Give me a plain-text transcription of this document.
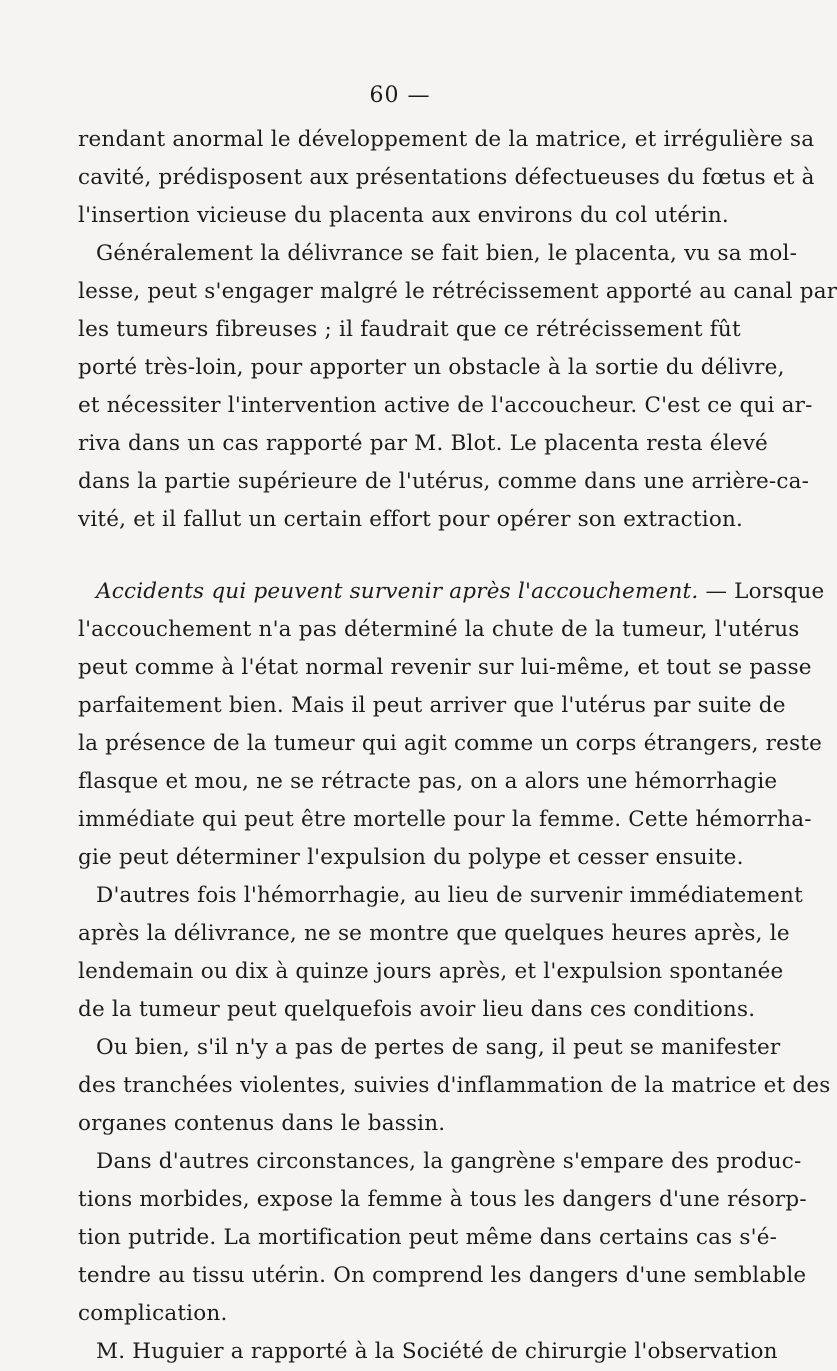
60 —
rendant anormal le développement de la matrice, et irrégulière sa
cavité, prédisposent aux présentations défectueuses du fœtus et à
l'insertion vicieuse du placenta aux environs du col utérin.
Généralement la délivrance se fait bien, le placenta, vu sa mol-
lesse, peut s'engager malgré le rétrécissement apporté au canal par
les tumeurs fibreuses ; il faudrait que ce rétrécissement fût
porté très-loin, pour apporter un obstacle à la sortie du délivre,
et nécessiter l'intervention active de l'accoucheur. C'est ce qui ar-
riva dans un cas rapporté par M. Blot. Le placenta resta élevé
dans la partie supérieure de l'utérus, comme dans une arrière-ca-
vité, et il fallut un certain effort pour opérer son extraction.
Accidents qui peuvent survenir après l'accouchement. — Lorsque
l'accouchement n'a pas déterminé la chute de la tumeur, l'utérus
peut comme à l'état normal revenir sur lui-même, et tout se passe
parfaitement bien. Mais il peut arriver que l'utérus par suite de
la présence de la tumeur qui agit comme un corps étrangers, reste
flasque et mou, ne se rétracte pas, on a alors une hémorrhagie
immédiate qui peut être mortelle pour la femme. Cette hémorrha-
gie peut déterminer l'expulsion du polype et cesser ensuite.
D'autres fois l'hémorrhagie, au lieu de survenir immédiatement
après la délivrance, ne se montre que quelques heures après, le
lendemain ou dix à quinze jours après, et l'expulsion spontanée
de la tumeur peut quelquefois avoir lieu dans ces conditions.
Ou bien, s'il n'y a pas de pertes de sang, il peut se manifester
des tranchées violentes, suivies d'inflammation de la matrice et des
organes contenus dans le bassin.
Dans d'autres circonstances, la gangrène s'empare des produc-
tions morbides, expose la femme à tous les dangers d'une résorp-
tion putride. La mortification peut même dans certains cas s'é-
tendre au tissu utérin. On comprend les dangers d'une semblable
complication.
M. Huguier a rapporté à la Société de chirurgie l'observation
